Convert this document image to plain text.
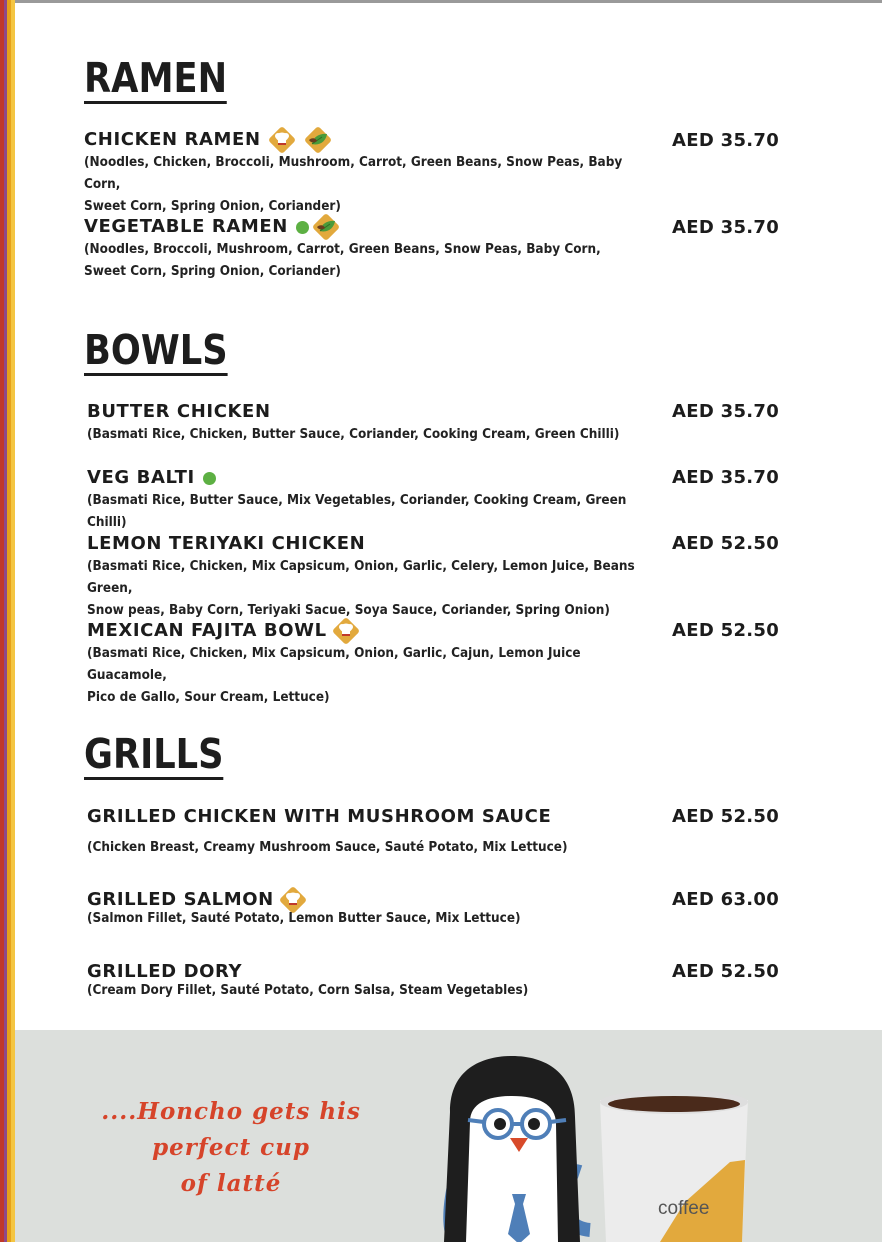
RAMEN
CHICKEN RAMEN
(Noodles, Chicken, Broccoli, Mushroom, Carrot, Green Beans, Snow Peas, Baby Corn,
Sweet Corn, Spring Onion, Coriander)
AED 35.70
VEGETABLE RAMEN
(Noodles, Broccoli, Mushroom, Carrot, Green Beans, Snow Peas, Baby Corn,
Sweet Corn, Spring Onion, Coriander)
AED 35.70
BOWLS
BUTTER CHICKEN
(Basmati Rice, Chicken, Butter Sauce, Coriander, Cooking Cream, Green Chilli)
AED 35.70
VEG BALTI
(Basmati Rice, Butter Sauce, Mix Vegetables, Coriander, Cooking Cream, Green Chilli)
AED 35.70
LEMON TERIYAKI CHICKEN
(Basmati Rice, Chicken, Mix Capsicum, Onion, Garlic, Celery, Lemon Juice, Beans Green,
Snow peas, Baby Corn, Teriyaki Sacue, Soya Sauce, Coriander, Spring Onion)
AED 52.50
MEXICAN FAJITA BOWL
(Basmati Rice, Chicken, Mix Capsicum, Onion, Garlic, Cajun, Lemon Juice Guacamole,
Pico de Gallo, Sour Cream, Lettuce)
AED 52.50
GRILLS
GRILLED CHICKEN WITH MUSHROOM SAUCE
(Chicken Breast, Creamy Mushroom Sauce, Sauté Potato, Mix Lettuce)
AED 52.50
GRILLED SALMON
(Salmon Fillet, Sauté Potato, Lemon Butter Sauce, Mix Lettuce)
AED 63.00
GRILLED DORY
(Cream Dory Fillet, Sauté Potato, Corn Salsa, Steam Vegetables)
AED 52.50
....Honcho gets his
perfect cup
of latté
coffee
